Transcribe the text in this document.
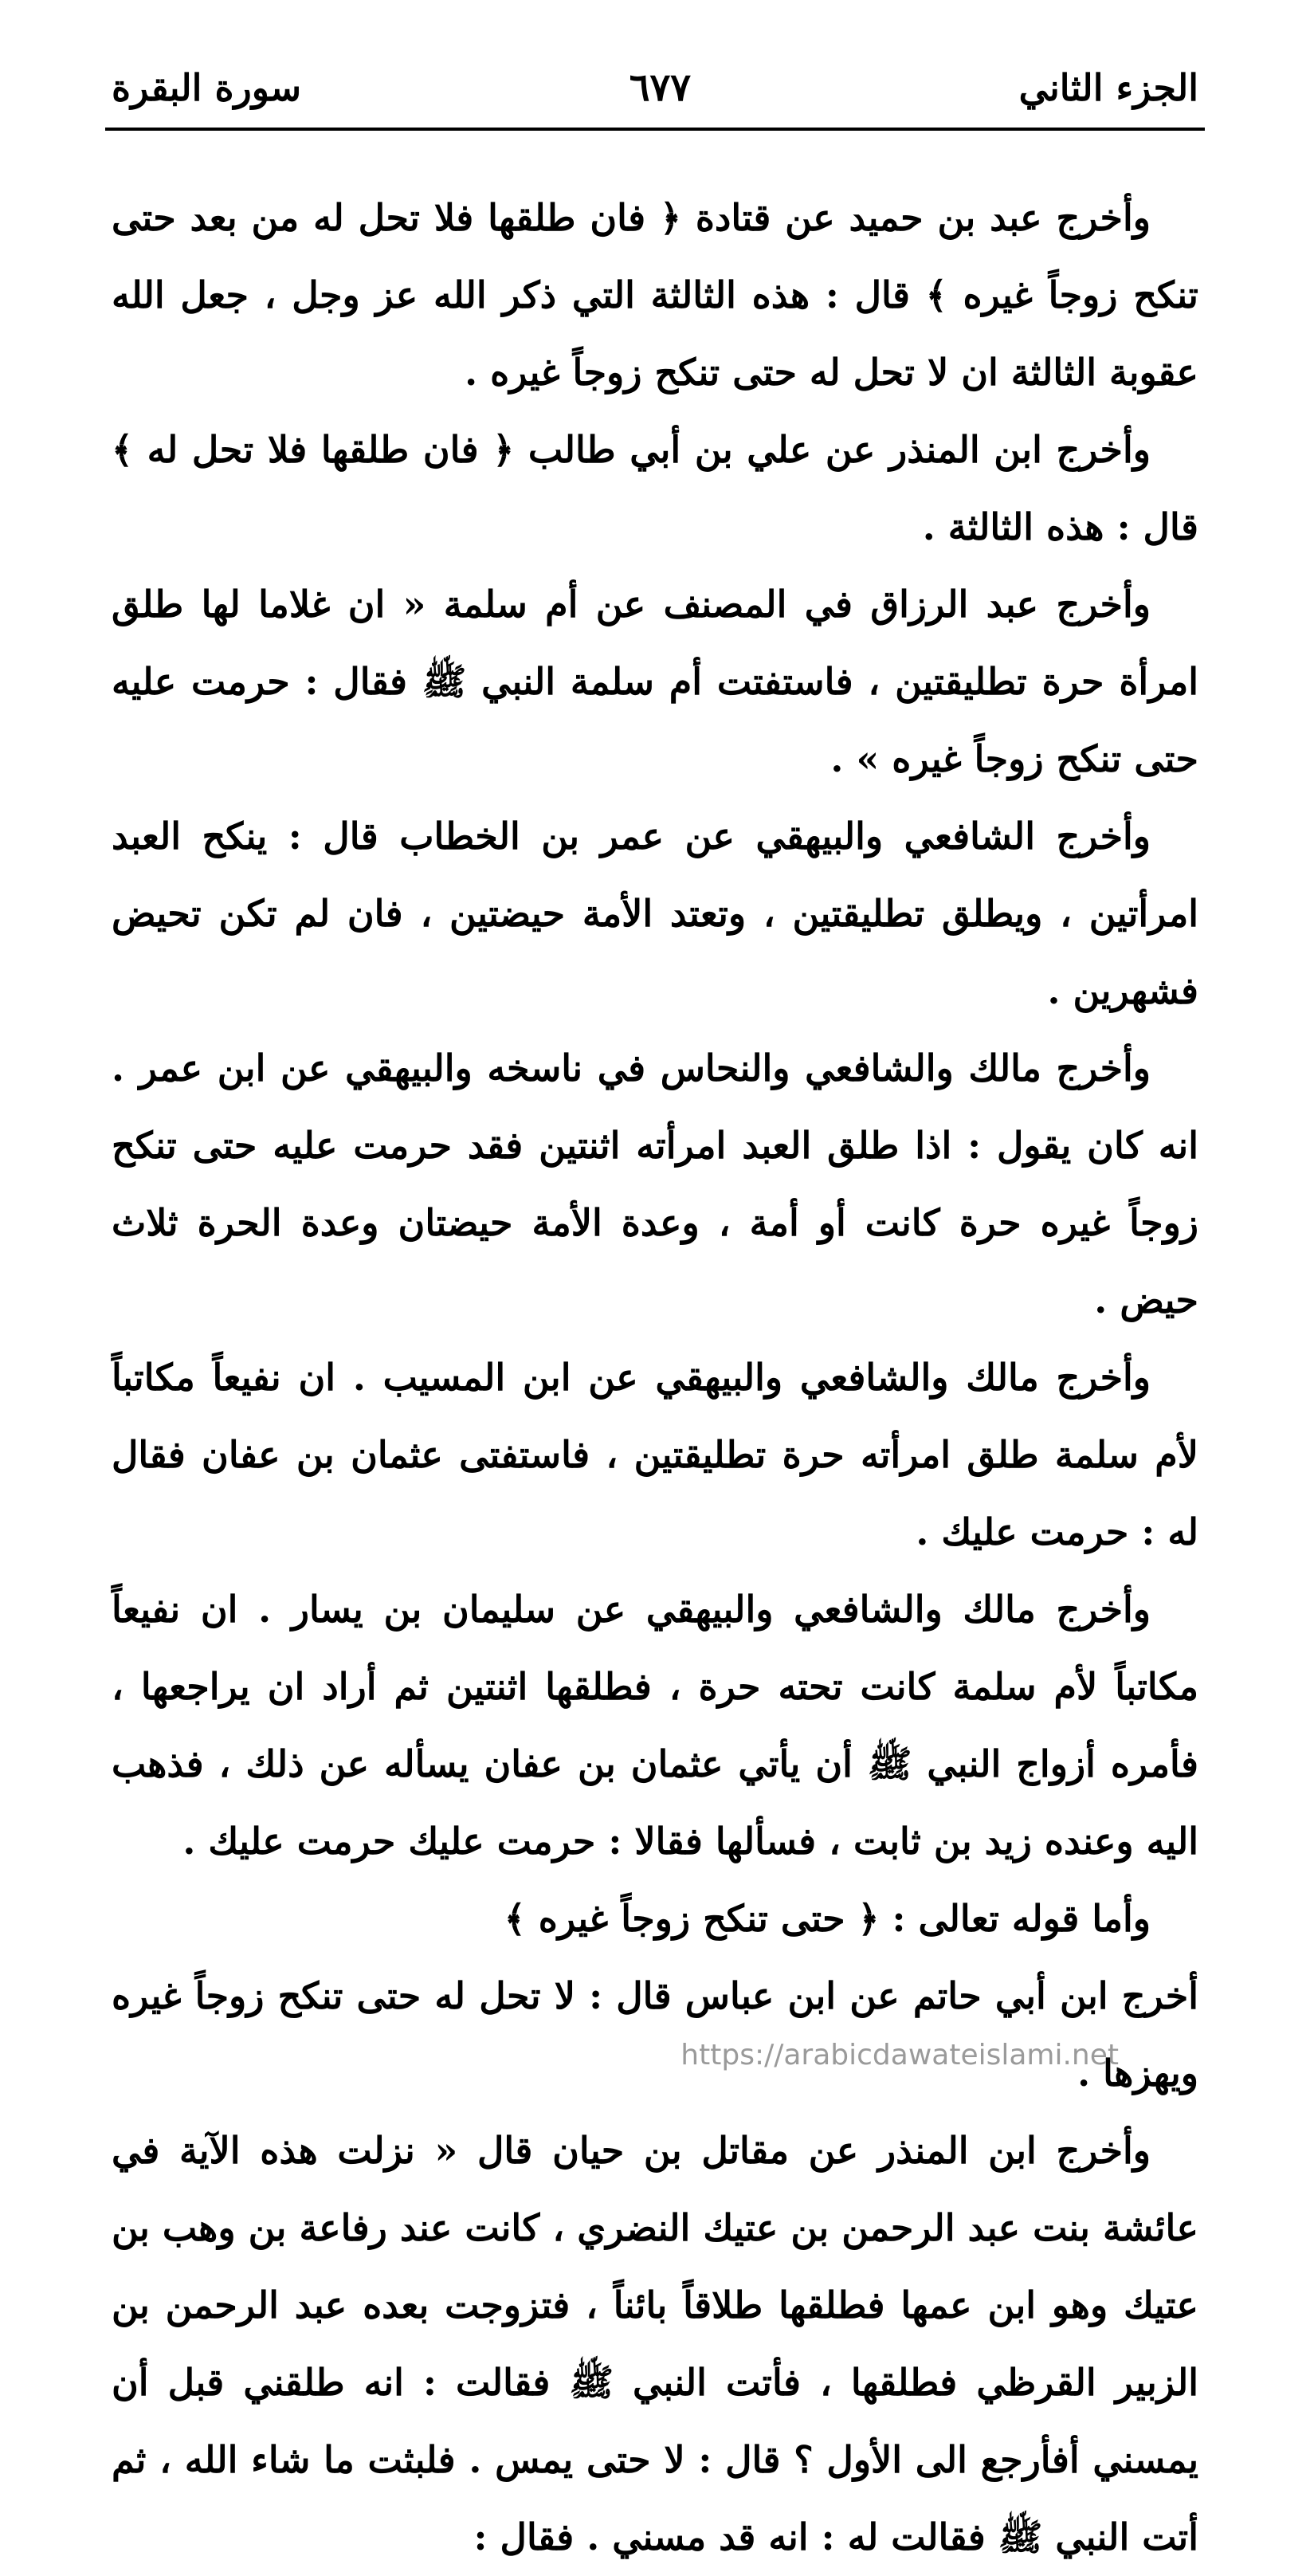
الجزء الثاني
٦٧٧
سورة البقرة

وأخرج عبد بن حميد عن قتادة ﴿ فان طلقها فلا تحل له من بعد حتى تنكح زوجاً غيره ﴾ قال : هذه الثالثة التي ذكر الله عز وجل ، جعل الله عقوبة الثالثة ان لا تحل له حتى تنكح زوجاً غيره .

وأخرج ابن المنذر عن علي بن أبي طالب ﴿ فان طلقها فلا تحل له ﴾ قال : هذه الثالثة .

وأخرج عبد الرزاق في المصنف عن أم سلمة « ان غلاما لها طلق امرأة حرة تطليقتين ، فاستفتت أم سلمة النبي ﷺ فقال : حرمت عليه حتى تنكح زوجاً غيره » .

وأخرج الشافعي والبيهقي عن عمر بن الخطاب قال : ينكح العبد امرأتين ، ويطلق تطليقتين ، وتعتد الأمة حيضتين ، فان لم تكن تحيض فشهرين .

وأخرج مالك والشافعي والنحاس في ناسخه والبيهقي عن ابن عمر . انه كان يقول : اذا طلق العبد امرأته اثنتين فقد حرمت عليه حتى تنكح زوجاً غيره حرة كانت أو أمة ، وعدة الأمة حيضتان وعدة الحرة ثلاث حيض .

وأخرج مالك والشافعي والبيهقي عن ابن المسيب . ان نفيعاً مكاتباً لأم سلمة طلق امرأته حرة تطليقتين ، فاستفتى عثمان بن عفان فقال له : حرمت عليك .

وأخرج مالك والشافعي والبيهقي عن سليمان بن يسار . ان نفيعاً مكاتباً لأم سلمة كانت تحته حرة ، فطلقها اثنتين ثم أراد ان يراجعها ، فأمره أزواج النبي ﷺ أن يأتي عثمان بن عفان يسأله عن ذلك ، فذهب اليه وعنده زيد بن ثابت ، فسألها فقالا : حرمت عليك حرمت عليك .

وأما قوله تعالى : ﴿ حتى تنكح زوجاً غيره ﴾

أخرج ابن أبي حاتم عن ابن عباس قال : لا تحل له حتى تنكح زوجاً غيره ويهزها .

وأخرج ابن المنذر عن مقاتل بن حيان قال « نزلت هذه الآية في عائشة بنت عبد الرحمن بن عتيك النضري ، كانت عند رفاعة بن وهب بن عتيك وهو ابن عمها فطلقها طلاقاً بائناً ، فتزوجت بعده عبد الرحمن بن الزبير القرظي فطلقها ، فأتت النبي ﷺ فقالت : انه طلقني قبل أن يمسني أفأرجع الى الأول ؟ قال : لا حتى يمس . فلبثت ما شاء الله ، ثم أتت النبي ﷺ فقالت له : انه قد مسني . فقال :

https://arabicdawateislami.net
